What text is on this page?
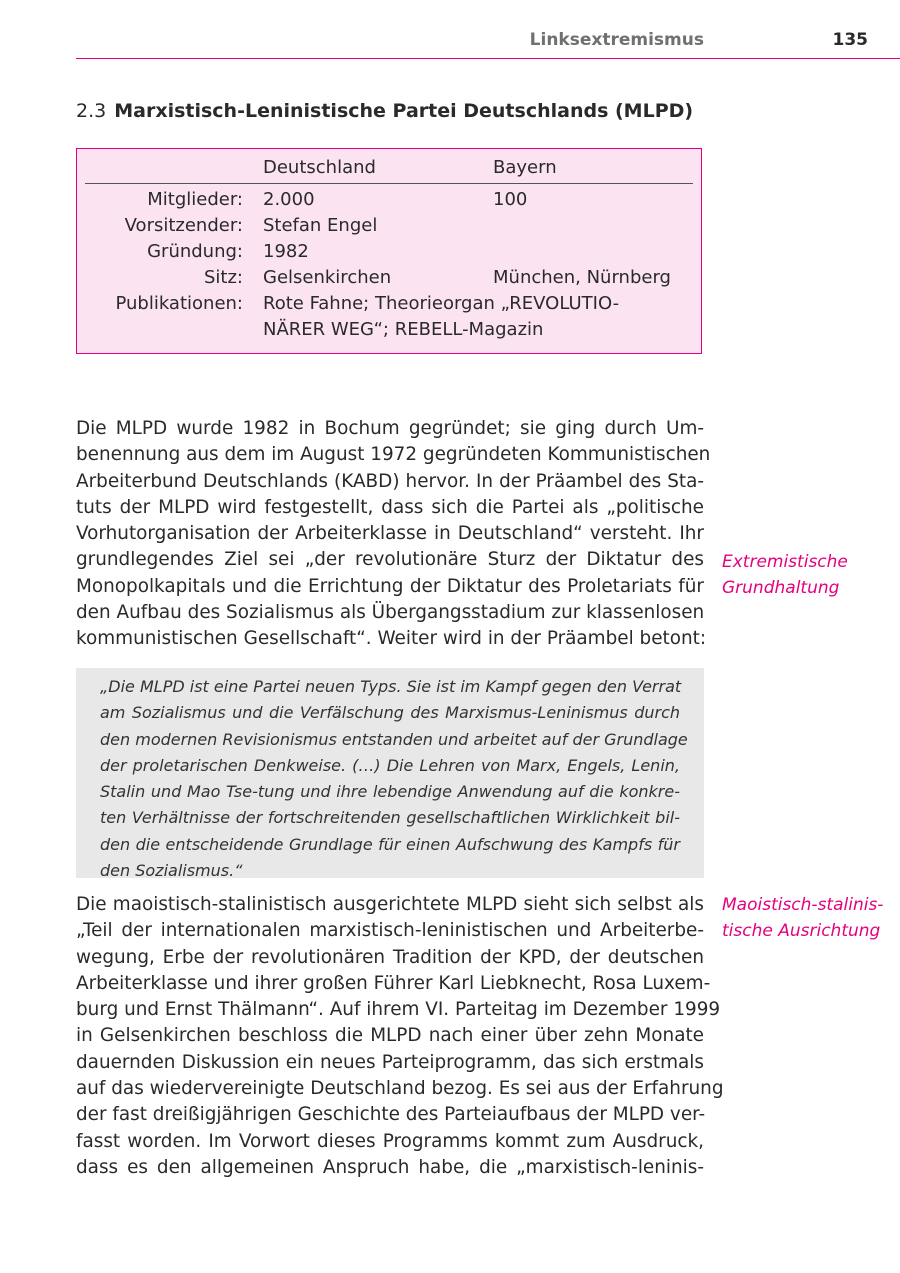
Linksextremismus	135
2.3 Marxistisch-Leninistische Partei Deutschlands (MLPD)
Deutschland	Bayern
Mitglieder: 2.000	100
Vorsitzender: Stefan Engel
Gründung: 1982
Sitz: Gelsenkirchen	München, Nürnberg
Publikationen: Rote Fahne; Theorieorgan „REVOLUTIO-
NÄRER WEG“; REBELL-Magazin
Die MLPD wurde 1982 in Bochum gegründet; sie ging durch Um-
benennung aus dem im August 1972 gegründeten Kommunistischen
Arbeiterbund Deutschlands (KABD) hervor. In der Präambel des Sta-
tuts der MLPD wird festgestellt, dass sich die Partei als „politische
Vorhutorganisation der Arbeiterklasse in Deutschland“ versteht. Ihr
grundlegendes Ziel sei „der revolutionäre Sturz der Diktatur des
Monopolkapitals und die Errichtung der Diktatur des Proletariats für
den Aufbau des Sozialismus als Übergangsstadium zur klassenlosen
kommunistischen Gesellschaft“. Weiter wird in der Präambel betont:
Extremistische
Grundhaltung
„Die MLPD ist eine Partei neuen Typs. Sie ist im Kampf gegen den Verrat
am Sozialismus und die Verfälschung des Marxismus-Leninismus durch
den modernen Revisionismus entstanden und arbeitet auf der Grundlage
der proletarischen Denkweise. (…) Die Lehren von Marx, Engels, Lenin,
Stalin und Mao Tse-tung und ihre lebendige Anwendung auf die konkre-
ten Verhältnisse der fortschreitenden gesellschaftlichen Wirklichkeit bil-
den die entscheidende Grundlage für einen Aufschwung des Kampfs für
den Sozialismus.“
Die maoistisch-stalinistisch ausgerichtete MLPD sieht sich selbst als
„Teil der internationalen marxistisch-leninistischen und Arbeiterbe-
wegung, Erbe der revolutionären Tradition der KPD, der deutschen
Arbeiterklasse und ihrer großen Führer Karl Liebknecht, Rosa Luxem-
burg und Ernst Thälmann“. Auf ihrem VI. Parteitag im Dezember 1999
in Gelsenkirchen beschloss die MLPD nach einer über zehn Monate
dauernden Diskussion ein neues Parteiprogramm, das sich erstmals
auf das wiedervereinigte Deutschland bezog. Es sei aus der Erfahrung
der fast dreißigjährigen Geschichte des Parteiaufbaus der MLPD ver-
fasst worden. Im Vorwort dieses Programms kommt zum Ausdruck,
dass es den allgemeinen Anspruch habe, die „marxistisch-leninis-
Maoistisch-stalinis-
tische Ausrichtung
